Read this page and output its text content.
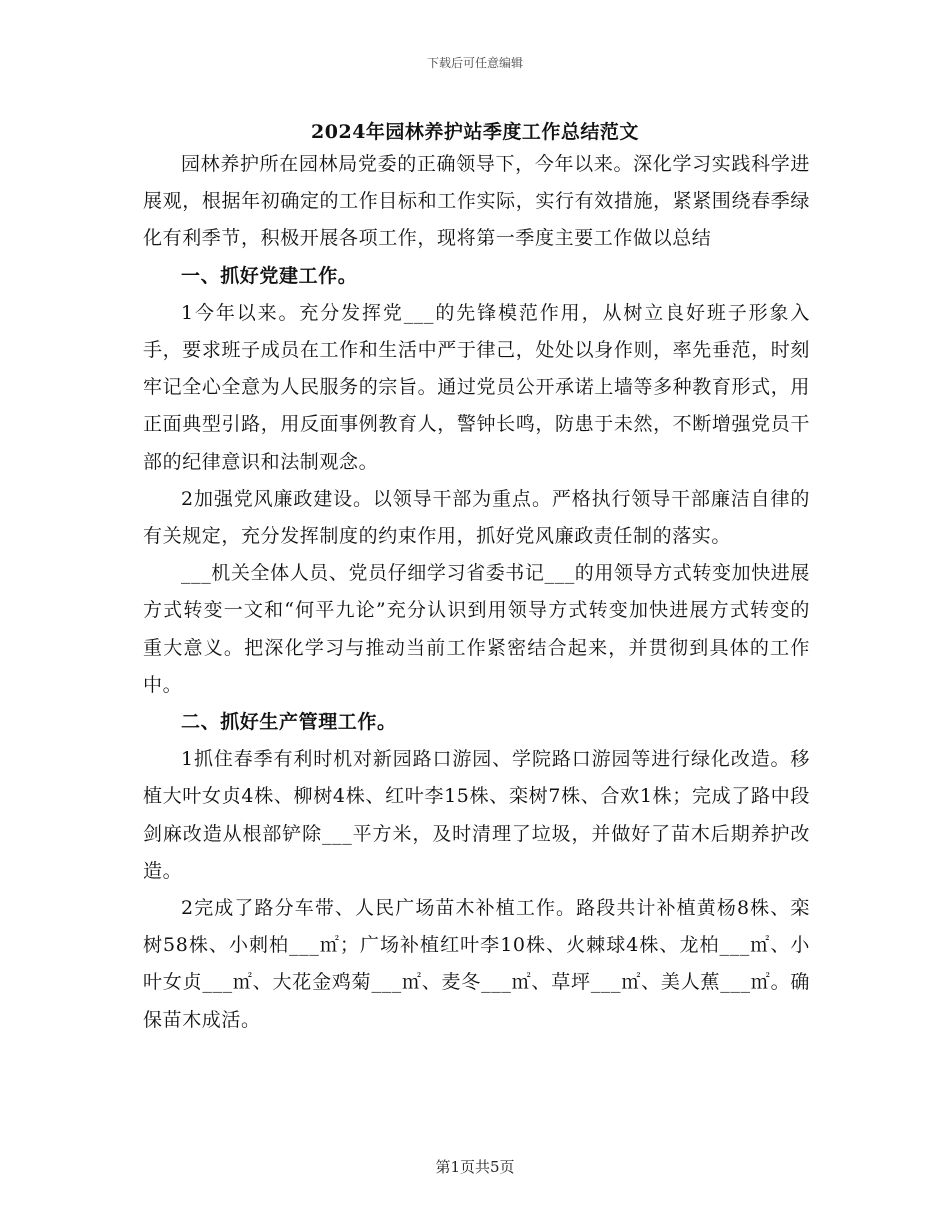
下载后可任意编辑
2024年园林养护站季度工作总结范文

园林养护所在园林局党委的正确领导下，今年以来。深化学习实践科学进展观，根据年初确定的工作目标和工作实际，实行有效措施，紧紧围绕春季绿化有利季节，积极开展各项工作，现将第一季度主要工作做以总结

一、抓好党建工作。

1今年以来。充分发挥党___的先锋模范作用，从树立良好班子形象入手，要求班子成员在工作和生活中严于律己，处处以身作则，率先垂范，时刻牢记全心全意为人民服务的宗旨。通过党员公开承诺上墙等多种教育形式，用正面典型引路，用反面事例教育人，警钟长鸣，防患于未然，不断增强党员干部的纪律意识和法制观念。

2加强党风廉政建设。以领导干部为重点。严格执行领导干部廉洁自律的有关规定，充分发挥制度的约束作用，抓好党风廉政责任制的落实。

___机关全体人员、党员仔细学习省委书记___的用领导方式转变加快进展方式转变一文和“何平九论”充分认识到用领导方式转变加快进展方式转变的重大意义。把深化学习与推动当前工作紧密结合起来，并贯彻到具体的工作中。

二、抓好生产管理工作。

1抓住春季有利时机对新园路口游园、学院路口游园等进行绿化改造。移植大叶女贞4株、柳树4株、红叶李15株、栾树7株、合欢1株；完成了路中段剑麻改造从根部铲除___平方米，及时清理了垃圾，并做好了苗木后期养护改造。

2完成了路分车带、人民广场苗木补植工作。路段共计补植黄杨8株、栾树58株、小刺柏___㎡；广场补植红叶李10株、火棘球4株、龙柏___㎡、小叶女贞___㎡、大花金鸡菊___㎡、麦冬___㎡、草坪___㎡、美人蕉___㎡。确保苗木成活。

第1页共5页
